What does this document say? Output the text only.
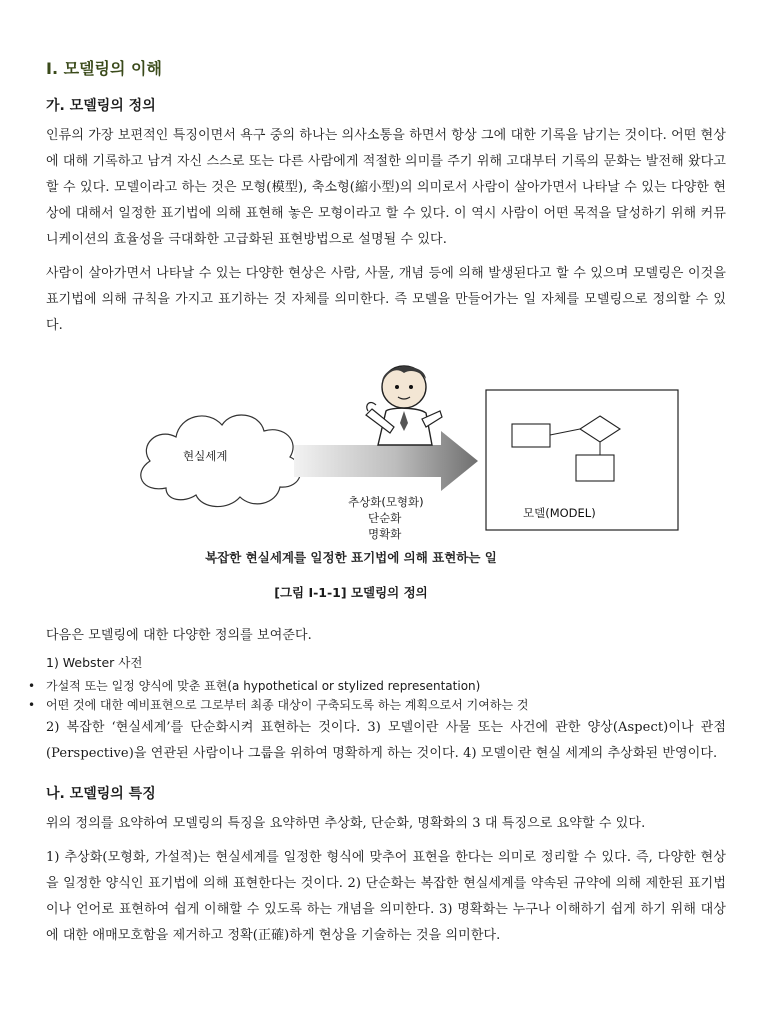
I. 모델링의 이해
가. 모델링의 정의

인류의 가장 보편적인 특징이면서 욕구 중의 하나는 의사소통을 하면서 항상 그에 대한 기록을 남기는 것이다. 어떤 현상에 대해 기록하고 남겨 자신 스스로 또는 다른 사람에게 적절한 의미를 주기 위해 고대부터 기록의 문화는 발전해 왔다고 할 수 있다. 모델이라고 하는 것은 모형(模型), 축소형(縮小型)의 의미로서 사람이 살아가면서 나타날 수 있는 다양한 현상에 대해서 일정한 표기법에 의해 표현해 놓은 모형이라고 할 수 있다. 이 역시 사람이 어떤 목적을 달성하기 위해 커뮤니케이션의 효율성을 극대화한 고급화된 표현방법으로 설명될 수 있다.

사람이 살아가면서 나타날 수 있는 다양한 현상은 사람, 사물, 개념 등에 의해 발생된다고 할 수 있으며 모델링은 이것을 표기법에 의해 규칙을 가지고 표기하는 것 자체를 의미한다. 즉 모델을 만들어가는 일 자체를 모델링으로 정의할 수 있다.

현실세계
추상화(모형화)
단순화
명확화
모델(MODEL)
복잡한 현실세계를 일정한 표기법에 의해 표현하는 일
[그림 Ⅰ-1-1] 모델링의 정의

다음은 모델링에 대한 다양한 정의를 보여준다.

1) Webster 사전
• 가설적 또는 일정 양식에 맞춘 표현(a hypothetical or stylized representation)
• 어떤 것에 대한 예비표현으로 그로부터 최종 대상이 구축되도록 하는 계획으로서 기여하는 것

2) 복잡한 ‘현실세계’를 단순화시켜 표현하는 것이다. 3) 모델이란 사물 또는 사건에 관한 양상(Aspect)이나 관점(Perspective)을 연관된 사람이나 그룹을 위하여 명확하게 하는 것이다. 4) 모델이란 현실 세계의 추상화된 반영이다.

나. 모델링의 특징

위의 정의를 요약하여 모델링의 특징을 요약하면 추상화, 단순화, 명확화의 3 대 특징으로 요약할 수 있다.

1) 추상화(모형화, 가설적)는 현실세계를 일정한 형식에 맞추어 표현을 한다는 의미로 정리할 수 있다. 즉, 다양한 현상을 일정한 양식인 표기법에 의해 표현한다는 것이다. 2) 단순화는 복잡한 현실세계를 약속된 규약에 의해 제한된 표기법이나 언어로 표현하여 쉽게 이해할 수 있도록 하는 개념을 의미한다. 3) 명확화는 누구나 이해하기 쉽게 하기 위해 대상에 대한 애매모호함을 제거하고 정확(正確)하게 현상을 기술하는 것을 의미한다.
